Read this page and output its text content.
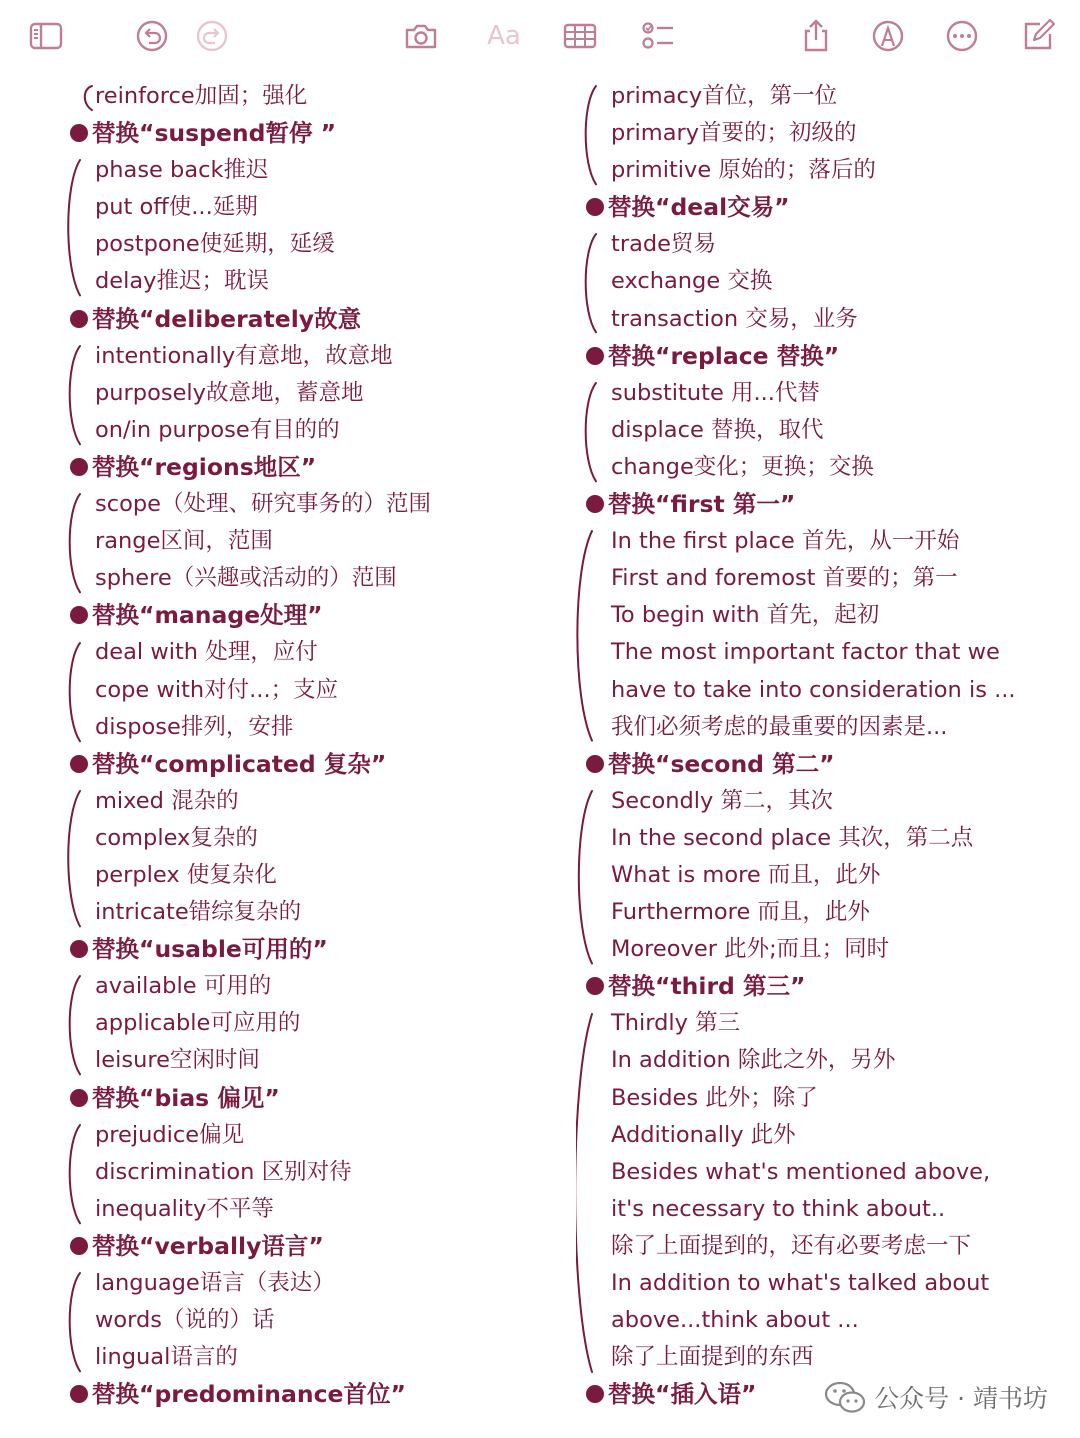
Aa
reinforce加固；强化
替换“suspend暂停 ”
phase back推迟
put off使...延期
postpone使延期，延缓
delay推迟；耽误
替换“deliberately故意
intentionally有意地，故意地
purposely故意地，蓄意地
on/in purpose有目的的
替换“regions地区”
scope（处理、研究事务的）范围
range区间，范围
sphere（兴趣或活动的）范围
替换“manage处理”
deal with 处理，应付
cope with对付...；支应
dispose排列，安排
替换“complicated 复杂”
mixed 混杂的
complex复杂的
perplex 使复杂化
intricate错综复杂的
替换“usable可用的”
available 可用的
applicable可应用的
leisure空闲时间
替换“bias 偏见”
prejudice偏见
discrimination 区别对待
inequality不平等
替换“verbally语言”
language语言（表达）
words（说的）话
lingual语言的
替换“predominance首位”
primacy首位，第一位
primary首要的；初级的
primitive 原始的；落后的
替换“deal交易”
trade贸易
exchange 交换
transaction 交易，业务
替换“replace 替换”
substitute 用...代替
displace 替换，取代
change变化；更换；交换
替换“first 第一”
In the first place 首先，从一开始
First and foremost 首要的；第一
To begin with 首先，起初
The most important factor that we
have to take into consideration is ...
我们必须考虑的最重要的因素是...
替换“second 第二”
Secondly 第二，其次
In the second place 其次，第二点
What is more 而且，此外
Furthermore 而且，此外
Moreover 此外;而且；同时
替换“third 第三”
Thirdly 第三
In addition 除此之外，另外
Besides 此外；除了
Additionally 此外
Besides what's mentioned above,
it's necessary to think about..
除了上面提到的，还有必要考虑一下
In addition to what's talked about
above...think about ...
除了上面提到的东西
替换“插入语”	公众号 · 靖书坊
